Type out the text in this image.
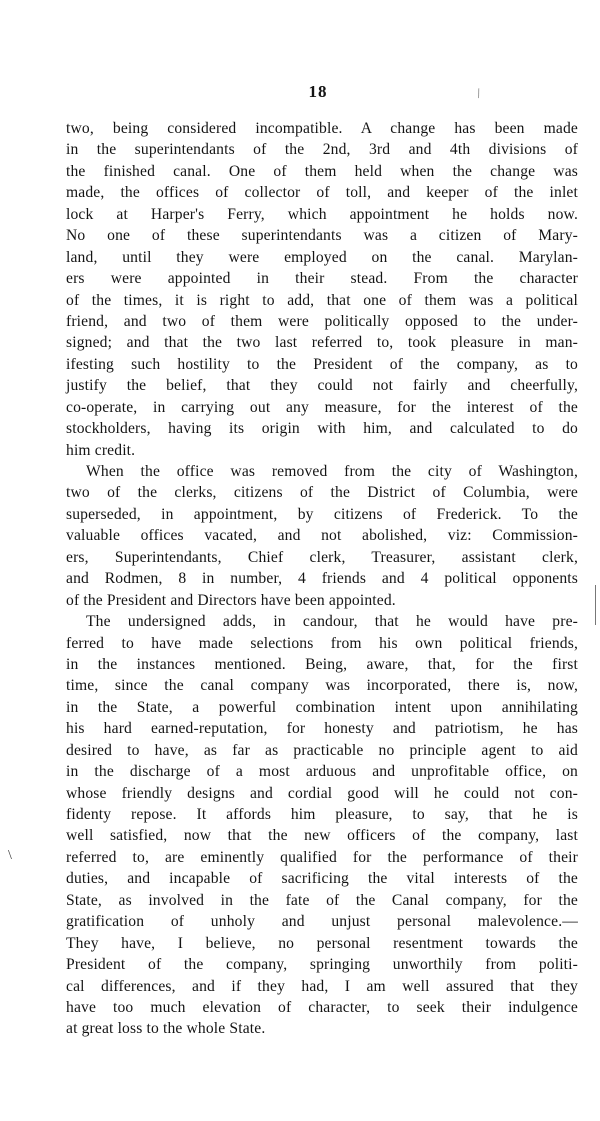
18	⁄
\
two, being considered incompatible. A change has been made
in the superintendants of the 2nd, 3rd and 4th divisions of
the finished canal. One of them held when the change was
made, the offices of collector of toll, and keeper of the inlet
lock at Harper's Ferry, which appointment he holds now.
No one of these superintendants was a citizen of Mary-
land, until they were employed on the canal. Marylan-
ers were appointed in their stead. From the character
of the times, it is right to add, that one of them was a political
friend, and two of them were politically opposed to the under-
signed; and that the two last referred to, took pleasure in man-
ifesting such hostility to the President of the company, as to
justify the belief, that they could not fairly and cheerfully,
co-operate, in carrying out any measure, for the interest of the
stockholders, having its origin with him, and calculated to do
him credit.
When the office was removed from the city of Washington,
two of the clerks, citizens of the District of Columbia, were
superseded, in appointment, by citizens of Frederick. To the
valuable offices vacated, and not abolished, viz: Commission-
ers, Superintendants, Chief clerk, Treasurer, assistant clerk,
and Rodmen, 8 in number, 4 friends and 4 political opponents
of the President and Directors have been appointed.
The undersigned adds, in candour, that he would have pre-
ferred to have made selections from his own political friends,
in the instances mentioned. Being, aware, that, for the first
time, since the canal company was incorporated, there is, now,
in the State, a powerful combination intent upon annihilating
his hard earned-reputation, for honesty and patriotism, he has
desired to have, as far as practicable no principle agent to aid
in the discharge of a most arduous and unprofitable office, on
whose friendly designs and cordial good will he could not con-
fidenty repose. It affords him pleasure, to say, that he is
well satisfied, now that the new officers of the company, last
referred to, are eminently qualified for the performance of their
duties, and incapable of sacrificing the vital interests of the
State, as involved in the fate of the Canal company, for the
gratification of unholy and unjust personal malevolence.—
They have, I believe, no personal resentment towards the
President of the company, springing unworthily from politi-
cal differences, and if they had, I am well assured that they
have too much elevation of character, to seek their indulgence
at great loss to the whole State.
